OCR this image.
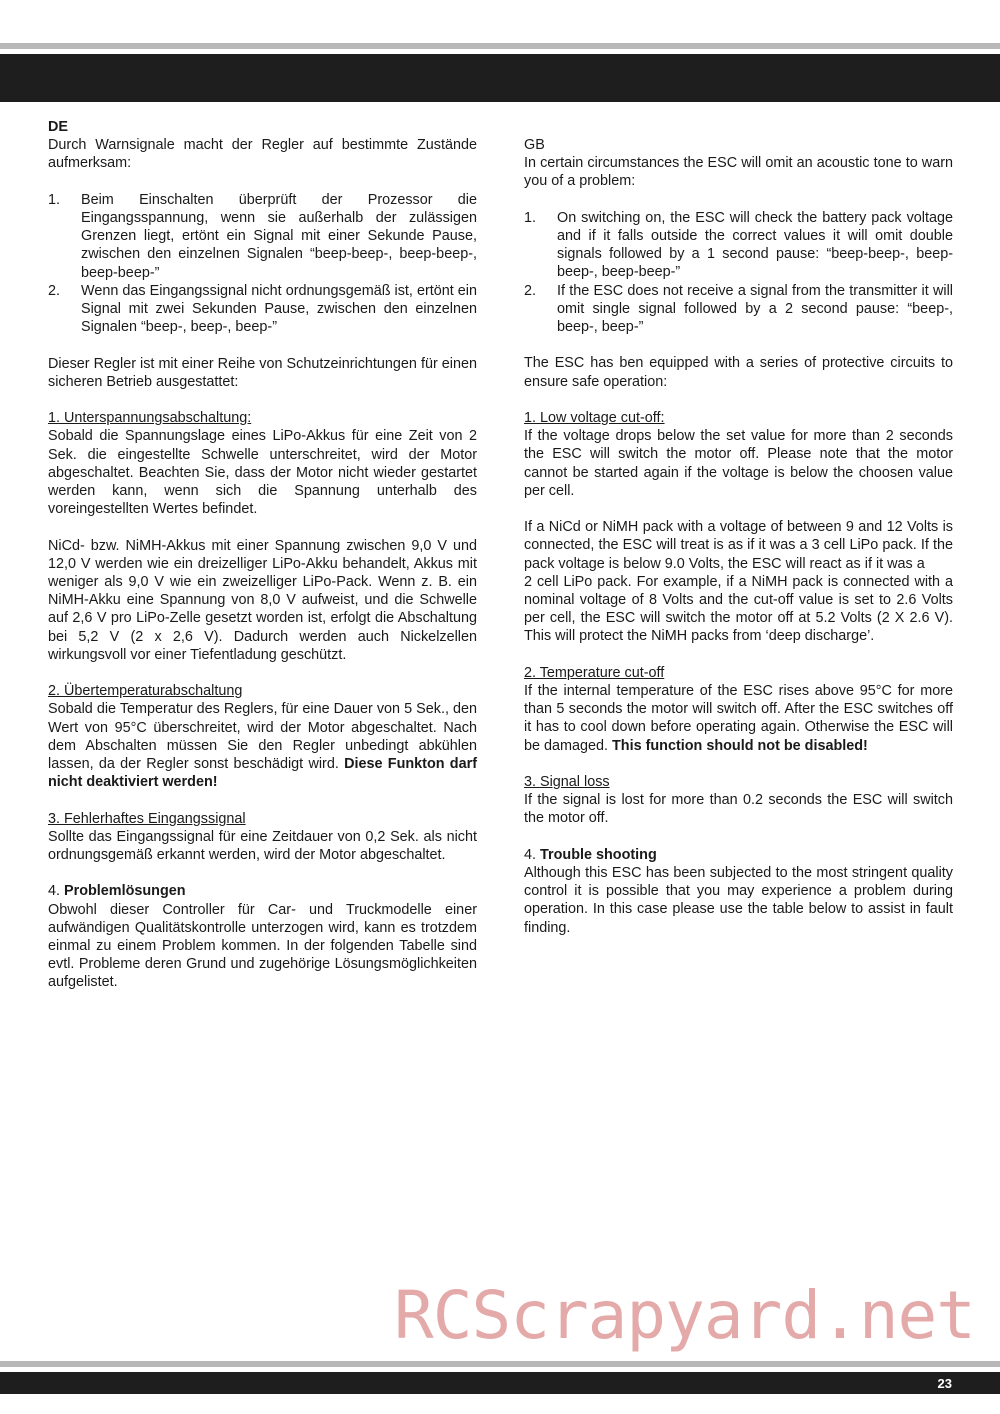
DE

Durch Warnsignale macht der Regler auf bestimmte Zustände aufmerksam:

1. Beim Einschalten überprüft der Prozessor die Eingangsspannung, wenn sie außerhalb der zulässigen Grenzen liegt, ertönt ein Signal mit einer Sekunde Pause, zwischen den einzelnen Signalen “beep-beep-, beep-beep-, beep-beep-”
2. Wenn das Eingangssignal nicht ordnungsgemäß ist, ertönt ein Signal mit zwei Sekunden Pause, zwischen den einzelnen Signalen “beep-, beep-, beep-”

Dieser Regler ist mit einer Reihe von Schutzeinrichtungen für einen sicheren Betrieb ausgestattet:

1. Unterspannungsabschaltung:

Sobald die Spannungslage eines LiPo-Akkus für eine Zeit von 2 Sek. die eingestellte Schwelle unterschreitet, wird der Motor abgeschaltet. Beachten Sie, dass der Motor nicht wieder gestartet werden kann, wenn sich die Spannung unterhalb des voreingestellten Wertes befindet.

NiCd- bzw. NiMH-Akkus mit einer Spannung zwischen 9,0 V und 12,0 V werden wie ein dreizelliger LiPo-Akku behandelt, Akkus mit weniger als 9,0 V wie ein zweizelliger LiPo-Pack. Wenn z. B. ein NiMH-Akku eine Spannung von 8,0 V aufweist, und die Schwelle auf 2,6 V pro LiPo-Zelle gesetzt worden ist, erfolgt die Abschaltung bei 5,2 V (2 x 2,6 V). Dadurch werden auch Nickelzellen wirkungsvoll vor einer Tiefentladung geschützt.

2. Übertemperaturabschaltung

Sobald die Temperatur des Reglers, für eine Dauer von 5 Sek., den Wert von 95°C überschreitet, wird der Motor abgeschaltet. Nach dem Abschalten müssen Sie den Regler unbedingt abkühlen lassen, da der Regler sonst beschädigt wird. Diese Funkton darf nicht deaktiviert werden!

3. Fehlerhaftes Eingangssignal

Sollte das Eingangssignal für eine Zeitdauer von 0,2 Sek. als nicht ordnungsgemäß erkannt werden, wird der Motor abgeschaltet.

4. Problemlösungen

Obwohl dieser Controller für Car- und Truckmodelle einer aufwändigen Qualitätskontrolle unterzogen wird, kann es trotzdem einmal zu einem Problem kommen. In der folgenden Tabelle sind evtl. Probleme deren Grund und zugehörige Lösungsmöglichkeiten aufgelistet.

GB

In certain circumstances the ESC will omit an acoustic tone to warn you of a problem:

1. On switching on, the ESC will check the battery pack voltage and if it falls outside the correct values it will omit double signals followed by a 1 second pause: “beep-beep-, beep-beep-, beep-beep-”
2. If the ESC does not receive a signal from the transmitter it will omit single signal followed by a 2 second pause: “beep-, beep-, beep-”

The ESC has ben equipped with a series of protective circuits to ensure safe operation:

1. Low voltage cut-off:

If the voltage drops below the set value for more than 2 seconds the ESC will switch the motor off. Please note that the motor cannot be started again if the voltage is below the choosen value per cell.

If a NiCd or NiMH pack with a voltage of between 9 and 12 Volts is connected, the ESC will treat is as if it was a 3 cell LiPo pack. If the pack voltage is below 9.0 Volts, the ESC will react as if it was a

2 cell LiPo pack. For example, if a NiMH pack is connected with a nominal voltage of 8 Volts and the cut-off value is set to 2.6 Volts per cell, the ESC will switch the motor off at 5.2 Volts (2 X 2.6 V). This will protect the NiMH packs from ‘deep discharge’.

2. Temperature cut-off

If the internal temperature of the ESC rises above 95°C for more than 5 seconds the motor will switch off. After the ESC switches off it has to cool down before operating again. Otherwise the ESC will be damaged. This function should not be disabled!

3. Signal loss

If the signal is lost for more than 0.2 seconds the ESC will switch the motor off.

4. Trouble shooting

Although this ESC has been subjected to the most stringent quality control it is possible that you may experience a problem during operation. In this case please use the table below to assist in fault finding.

RCScrapyard.net
23
